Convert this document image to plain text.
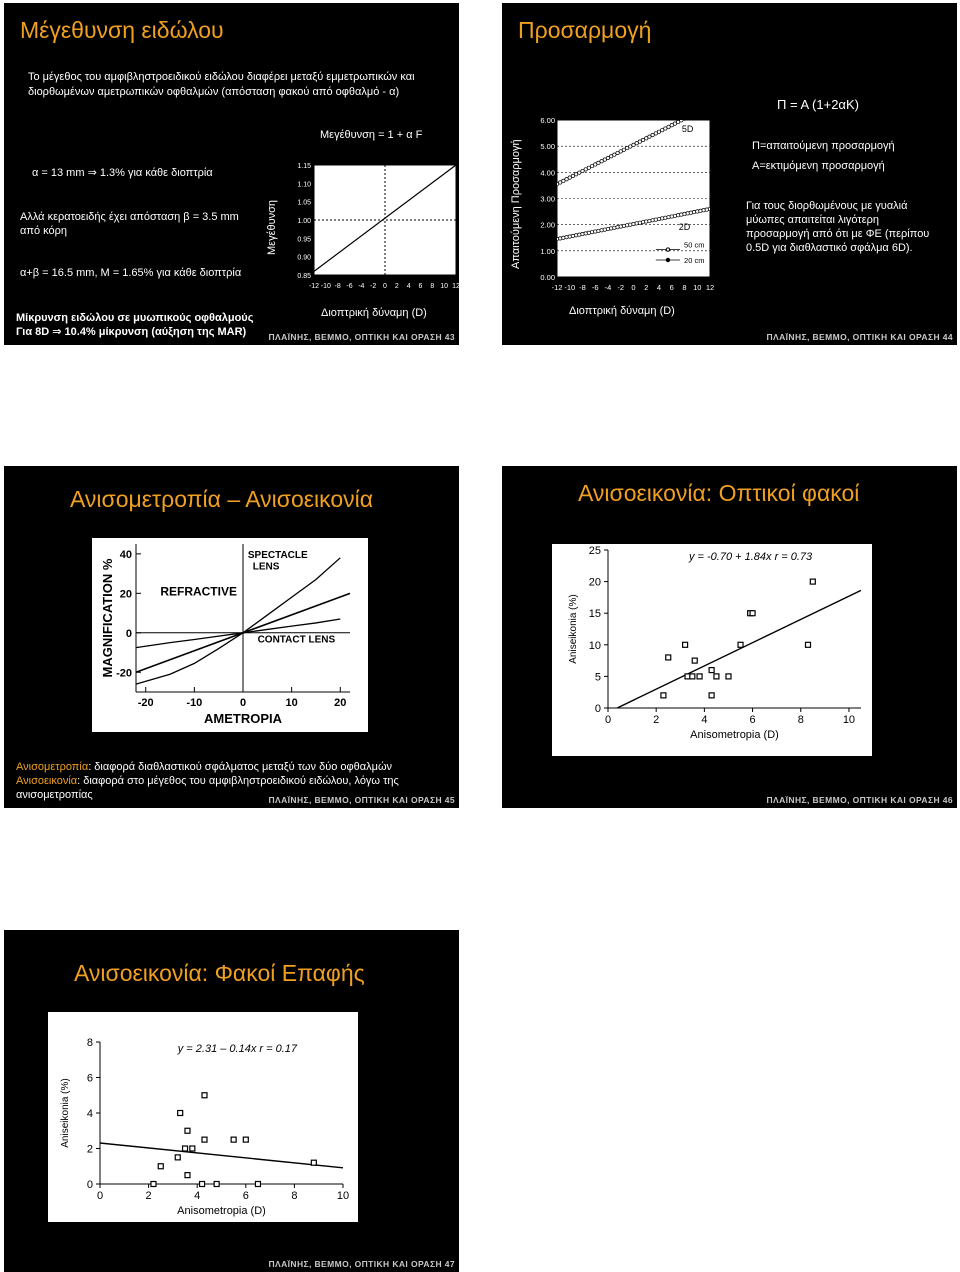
Μέγεθυνση ειδώλου
Το μέγεθος του αμφιβληστροειδικού ειδώλου διαφέρει μεταξύ εμμετρωπικών και
διορθωμένων αμετρωπικών οφθαλμών (απόσταση φακού από οφθαλμό - α)
α = 13 mm ⇒ 1.3% για κάθε διοπτρία
Αλλά κερατοειδής έχει απόσταση β = 3.5 mm
από κόρη
α+β = 16.5 mm, Μ = 1.65% για κάθε διοπτρία
Μίκρυνση ειδώλου σε μυωπικούς οφθαλμούς
Για 8D ⇒ 10.4% μίκρυνση (αύξηση της MAR)
Μεγέθυνση = 1 + α F
Μεγέθυνση
0.85
0.90
0.95
1.00
1.05
1.10
1.15
-12 -10 -8 -6 -4 -2 0 2 4 6 8 10 12
Διοπτρική δύναμη (D)
ΠΛΑΪΝΗΣ, ΒΕΜΜΟ, ΟΠΤΙΚΗ ΚΑΙ ΟΡΑΣΗ 43
Προσαρμογή
Απαιτούμενη Προσαρμογή
0.00
1.00
2.00
3.00
4.00
5.00
6.00
-12 -10 -8 -6 -4 -2 0 2 4 6 8 10 12
5D
2D
50 cm
20 cm
Διοπτρική δύναμη (D)
Π = Α (1+2αΚ)
Π=απαιτούμενη προσαρμογή
Α=εκτιμόμενη προσαρμογή
Για τους διορθωμένους με γυαλιά
μύωπες απαιτείται λιγότερη
προσαρμογή από ότι με ΦΕ (περίπου
0.5D για διαθλαστικό σφάλμα 6D).
ΠΛΑΪΝΗΣ, ΒΕΜΜΟ, ΟΠΤΙΚΗ ΚΑΙ ΟΡΑΣΗ 44
Ανισομετροπία – Ανισοεικονία
-20
0
20
40
-20	-10	0	10	20
REFRACTIVE
SPECTACLE
LENS
CONTACT LENS
MAGNIFICATION %
AMETROPIA
Ανισομετροπία: διαφορά διαθλαστικού σφάλματος μεταξύ των δύο οφθαλμών
Ανισοεικονία: διαφορά στο μέγεθος του αμφιβληστροειδικού ειδώλου, λόγω της
ανισομετροπίας	ΠΛΑΪΝΗΣ, ΒΕΜΜΟ, ΟΠΤΙΚΗ ΚΑΙ ΟΡΑΣΗ 45
Ανισοεικονία: Οπτικοί φακοί
0
5
10
15
20
25
0	2	4	6	8	10
y = -0.70 + 1.84x r = 0.73
Aniseikonia (%)
Anisometropia (D)
ΠΛΑΪΝΗΣ, ΒΕΜΜΟ, ΟΠΤΙΚΗ ΚΑΙ ΟΡΑΣΗ 46
Ανισοεικονία: Φακοί Επαφής
0
2
4
6
8
0	2	4	6	8	10
y = 2.31 – 0.14x r = 0.17
Aniseikonia (%)
Anisometropia (D)
ΠΛΑΪΝΗΣ, ΒΕΜΜΟ, ΟΠΤΙΚΗ ΚΑΙ ΟΡΑΣΗ 47
